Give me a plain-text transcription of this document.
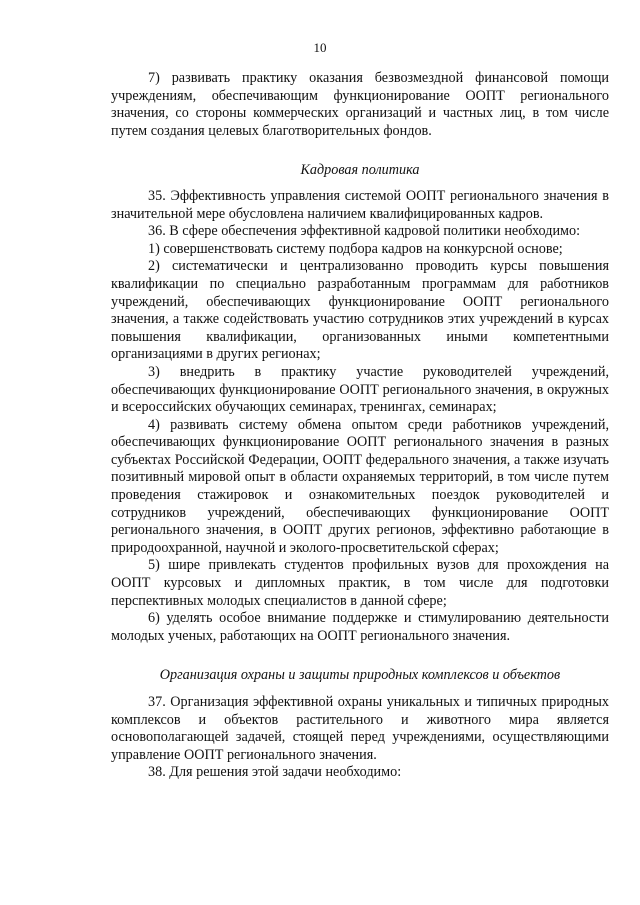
10

7) развивать практику оказания безвозмездной финансовой помощи учреждениям, обеспечивающим функционирование ООПТ регионального значения, со стороны коммерческих организаций и частных лиц, в том числе путем создания целевых благотворительных фондов.

Кадровая политика

35. Эффективность управления системой ООПТ регионального значения в значительной мере обусловлена наличием квалифицированных кадров.

36. В сфере обеспечения эффективной кадровой политики необходимо:

1) совершенствовать систему подбора кадров на конкурсной основе;

2) систематически и централизованно проводить курсы повышения квалификации по специально разработанным программам для работников учреждений, обеспечивающих функционирование ООПТ регионального значения, а также содействовать участию сотрудников этих учреждений в курсах повышения квалификации, организованных иными компетентными организациями в других регионах;

3) внедрить в практику участие руководителей учреждений, обеспечивающих функционирование ООПТ регионального значения, в окружных и всероссийских обучающих семинарах, тренингах, семинарах;

4) развивать систему обмена опытом среди работников учреждений, обеспечивающих функционирование ООПТ регионального значения в разных субъектах Российской Федерации, ООПТ федерального значения, а также изучать позитивный мировой опыт в области охраняемых территорий, в том числе путем проведения стажировок и ознакомительных поездок руководителей и сотрудников учреждений, обеспечивающих функционирование ООПТ регионального значения, в ООПТ других регионов, эффективно работающие в природоохранной, научной и эколого-просветительской сферах;

5) шире привлекать студентов профильных вузов для прохождения на ООПТ курсовых и дипломных практик, в том числе для подготовки перспективных молодых специалистов в данной сфере;

6) уделять особое внимание поддержке и стимулированию деятельности молодых ученых, работающих на ООПТ регионального значения.

Организация охраны и защиты природных комплексов и объектов

37. Организация эффективной охраны уникальных и типичных природных комплексов и объектов растительного и животного мира является основополагающей задачей, стоящей перед учреждениями, осуществляющими управление ООПТ регионального значения.

38. Для решения этой задачи необходимо:
